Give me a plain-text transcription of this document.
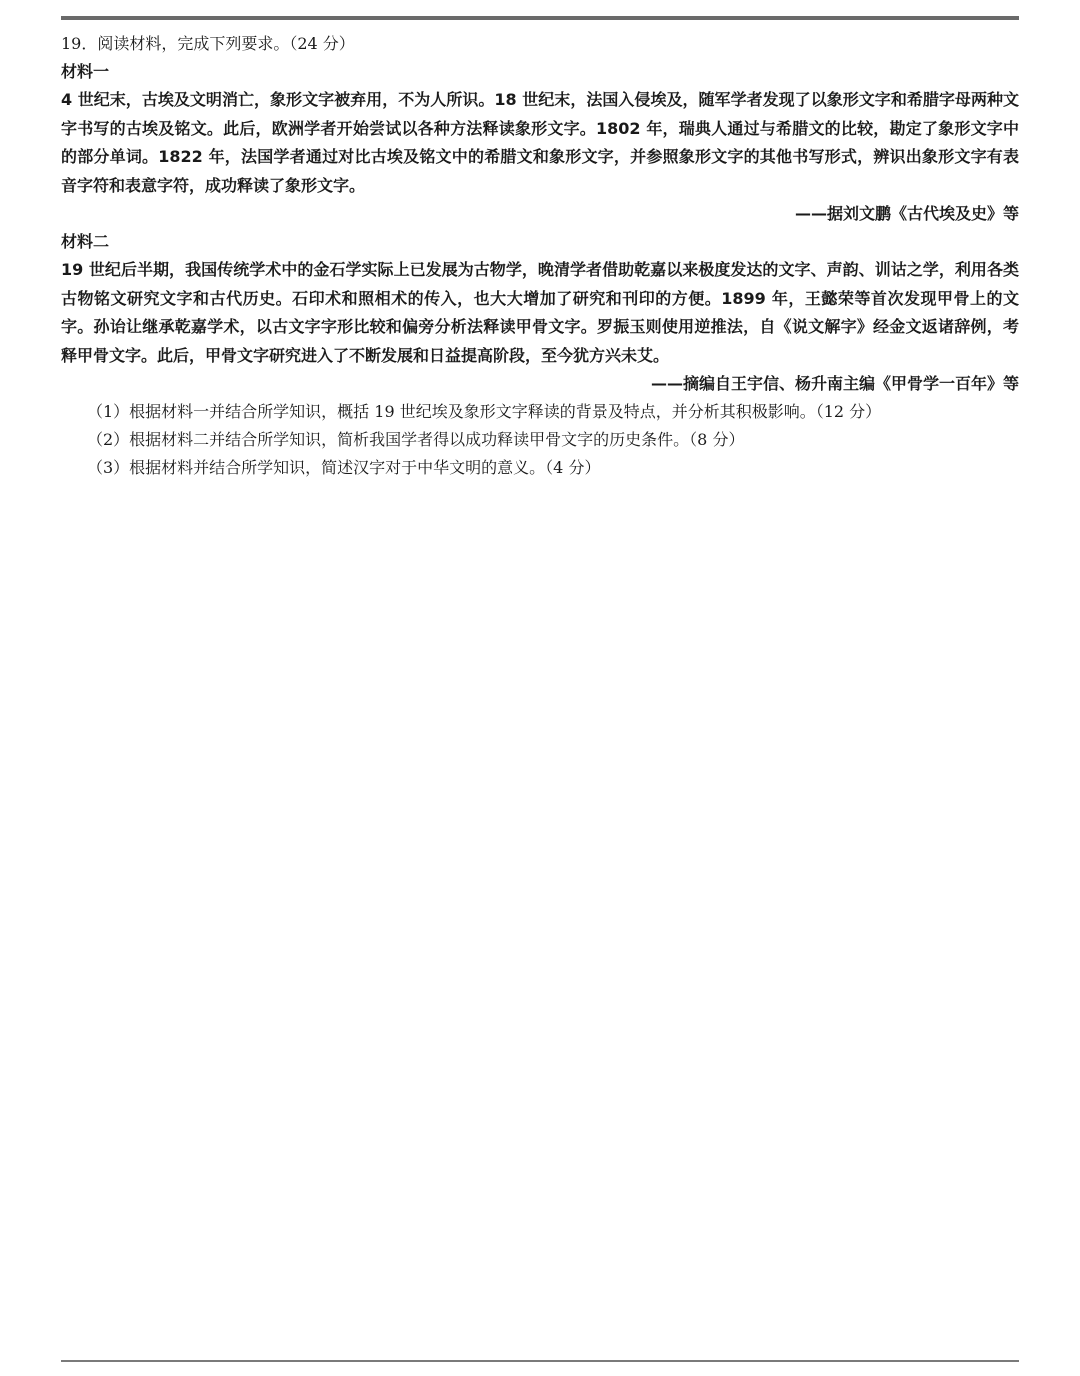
19．阅读材料，完成下列要求。（24 分）
材料一

4 世纪末，古埃及文明消亡，象形文字被弃用，不为人所识。18 世纪末，法国入侵埃及，随军学者发现了以象形文字和希腊字母两种文字书写的古埃及铭文。此后，欧洲学者开始尝试以各种方法释读象形文字。1802 年，瑞典人通过与希腊文的比较，勘定了象形文字中的部分单词。1822 年，法国学者通过对比古埃及铭文中的希腊文和象形文字，并参照象形文字的其他书写形式，辨识出象形文字有表音字符和表意字符，成功释读了象形文字。

——据刘文鹏《古代埃及史》等
材料二

19 世纪后半期，我国传统学术中的金石学实际上已发展为古物学，晚清学者借助乾嘉以来极度发达的文字、声韵、训诂之学，利用各类古物铭文研究文字和古代历史。石印术和照相术的传入，也大大增加了研究和刊印的方便。1899 年，王懿荣等首次发现甲骨上的文字。孙诒让继承乾嘉学术，以古文字字形比较和偏旁分析法释读甲骨文字。罗振玉则使用逆推法，自《说文解字》经金文返诸辞例，考释甲骨文字。此后，甲骨文字研究进入了不断发展和日益提高阶段，至今犹方兴未艾。

——摘编自王宇信、杨升南主编《甲骨学一百年》等
（1）根据材料一并结合所学知识，概括 19 世纪埃及象形文字释读的背景及特点，并分析其积极影响。（12 分）
（2）根据材料二并结合所学知识，简析我国学者得以成功释读甲骨文字的历史条件。（8 分）
（3）根据材料并结合所学知识，简述汉字对于中华文明的意义。（4 分）
